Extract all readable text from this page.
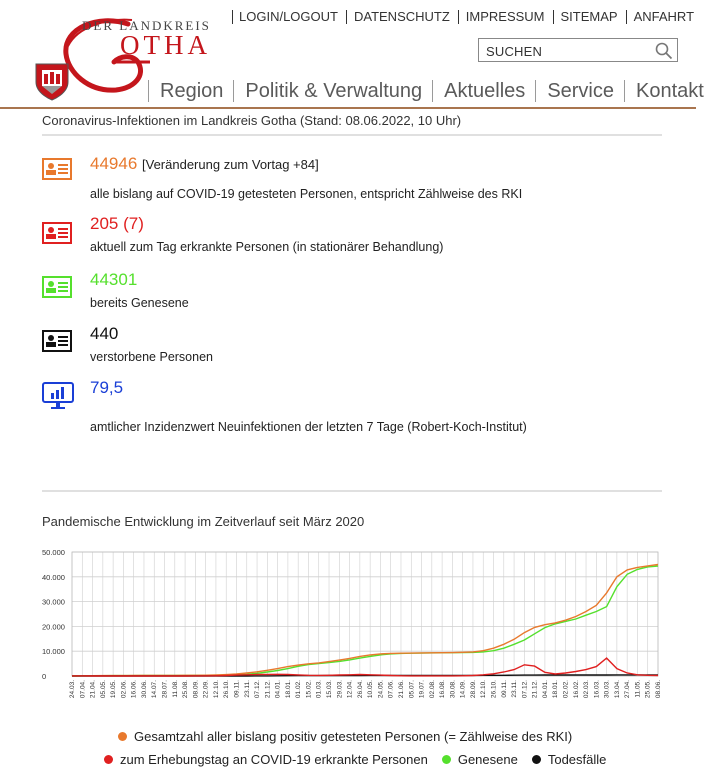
DER LANDKREIS
OTHA
LOGIN/LOGOUT	DATENSCHUTZ	IMPRESSUM	SITEMAP	ANFAHRT
SUCHEN
Region	Politik & Verwaltung	Aktuelles	Service	Kontakt
Coronavirus-Infektionen im Landkreis Gotha (Stand: 08.06.2022, 10 Uhr)
44946 [Veränderung zum Vortag +84]
alle bislang auf COVID-19 getesteten Personen, entspricht Zählweise des RKI
205 (7)
aktuell zum Tag erkrankte Personen (in stationärer Behandlung)
44301
bereits Genesene
440
verstorbene Personen
79,5
amtlicher Inzidenzwert Neuinfektionen der letzten 7 Tage (Robert-Koch-Institut)
Pandemische Entwicklung im Zeitverlauf seit März 2020
50.000
40.000
30.000
20.000
10.000
0
24.03. 07.04. 21.04. 05.05. 19.05. 02.06. 16.06. 30.06. 14.07. 28.07. 11.08. 25.08. 08.09. 22.09. 12.10. 26.10. 09.11. 23.11. 07.12. 21.12. 04.01. 18.01. 01.02. 15.02. 01.03. 15.03. 29.03. 12.04. 26.04. 10.05. 24.05. 07.06. 21.06. 05.07. 19.07. 02.08. 16.08. 30.08. 14.09. 28.09. 12.10. 26.10. 09.11. 23.11. 07.12. 21.12. 04.01. 18.01. 02.02. 16.02. 02.03. 16.03. 30.03. 13.04. 27.04. 11.05. 25.05. 08.06.
Gesamtzahl aller bislang positiv getesteten Personen (= Zählweise des RKI)
zum Erhebungstag an COVID-19 erkrankte Personen Genesene Todesfälle
